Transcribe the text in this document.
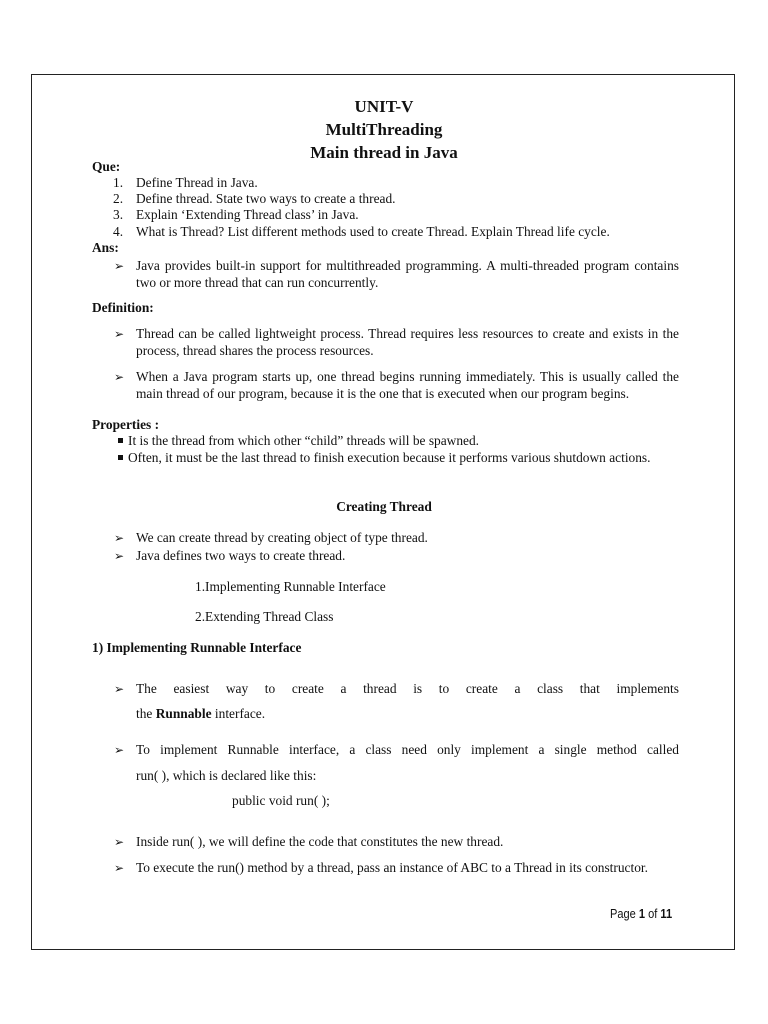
UNIT-V
MultiThreading
Main thread in Java
Que:
1. Define Thread in Java.
2. Define thread. State two ways to create a thread.
3. Explain ‘Extending Thread class’ in Java.
4. What is Thread? List different methods used to create Thread. Explain Thread life cycle.
Ans:
➢ Java provides built-in support for multithreaded programming. A multi-threaded program contains two or more thread that can run concurrently.
Definition:
➢ Thread can be called lightweight process. Thread requires less resources to create and exists in the process, thread shares the process resources.
➢ When a Java program starts up, one thread begins running immediately. This is usually called the main thread of our program, because it is the one that is executed when our program begins.
Properties :
It is the thread from which other “child” threads will be spawned.
Often, it must be the last thread to finish execution because it performs various shutdown actions.
Creating Thread
➢ We can create thread by creating object of type thread.
➢ Java defines two ways to create thread.
1.Implementing Runnable Interface
2.Extending Thread Class
1) Implementing Runnable Interface
➢ The easiest way to create a thread is to create a class that implements
the Runnable interface.
➢ To implement Runnable interface, a class need only implement a single method called
run( ), which is declared like this:
public void run( );
➢ Inside run( ), we will define the code that constitutes the new thread.
➢ To execute the run() method by a thread, pass an instance of ABC to a Thread in its constructor.
Page 1 of 11
